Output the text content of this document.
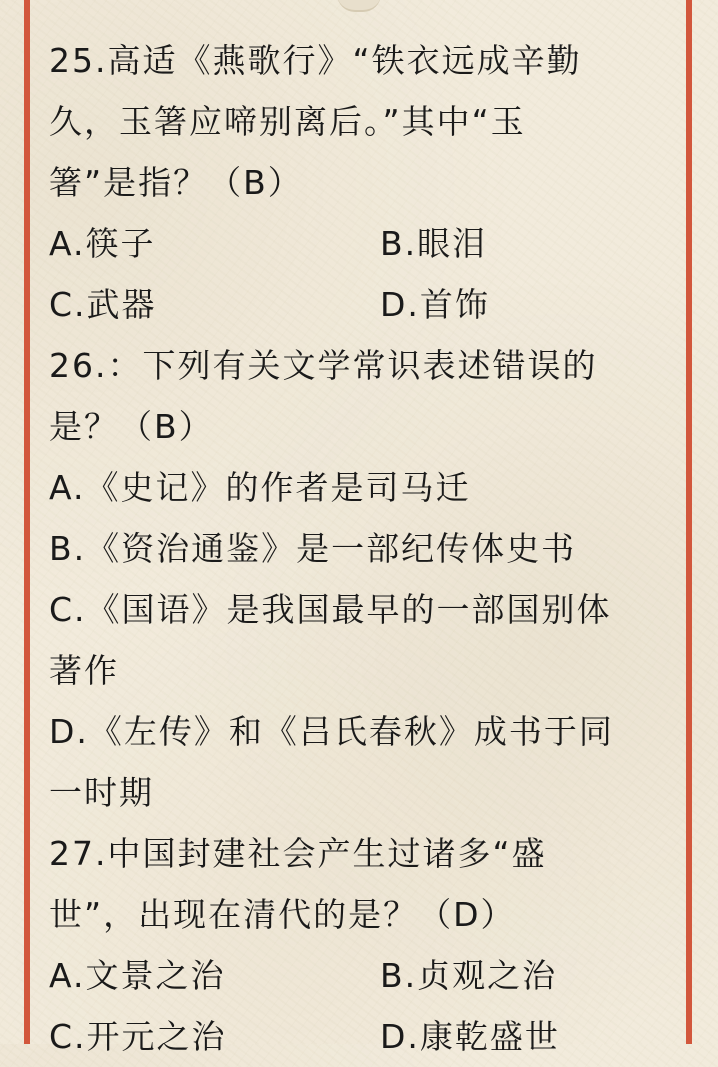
25.高适《燕歌行》“铁衣远成辛勤
久，玉箸应啼别离后。”其中“玉
箸”是指？（B）
A.筷子	B.眼泪
C.武器	D.首饰
26.：下列有关文学常识表述错误的
是？（B）
A.《史记》的作者是司马迁
B.《资治通鉴》是一部纪传体史书
C.《国语》是我国最早的一部国别体
著作
D.《左传》和《吕氏春秋》成书于同
一时期
27.中国封建社会产生过诸多“盛
世”，出现在清代的是？（D）
A.文景之治	B.贞观之治
C.开元之治	D.康乾盛世
